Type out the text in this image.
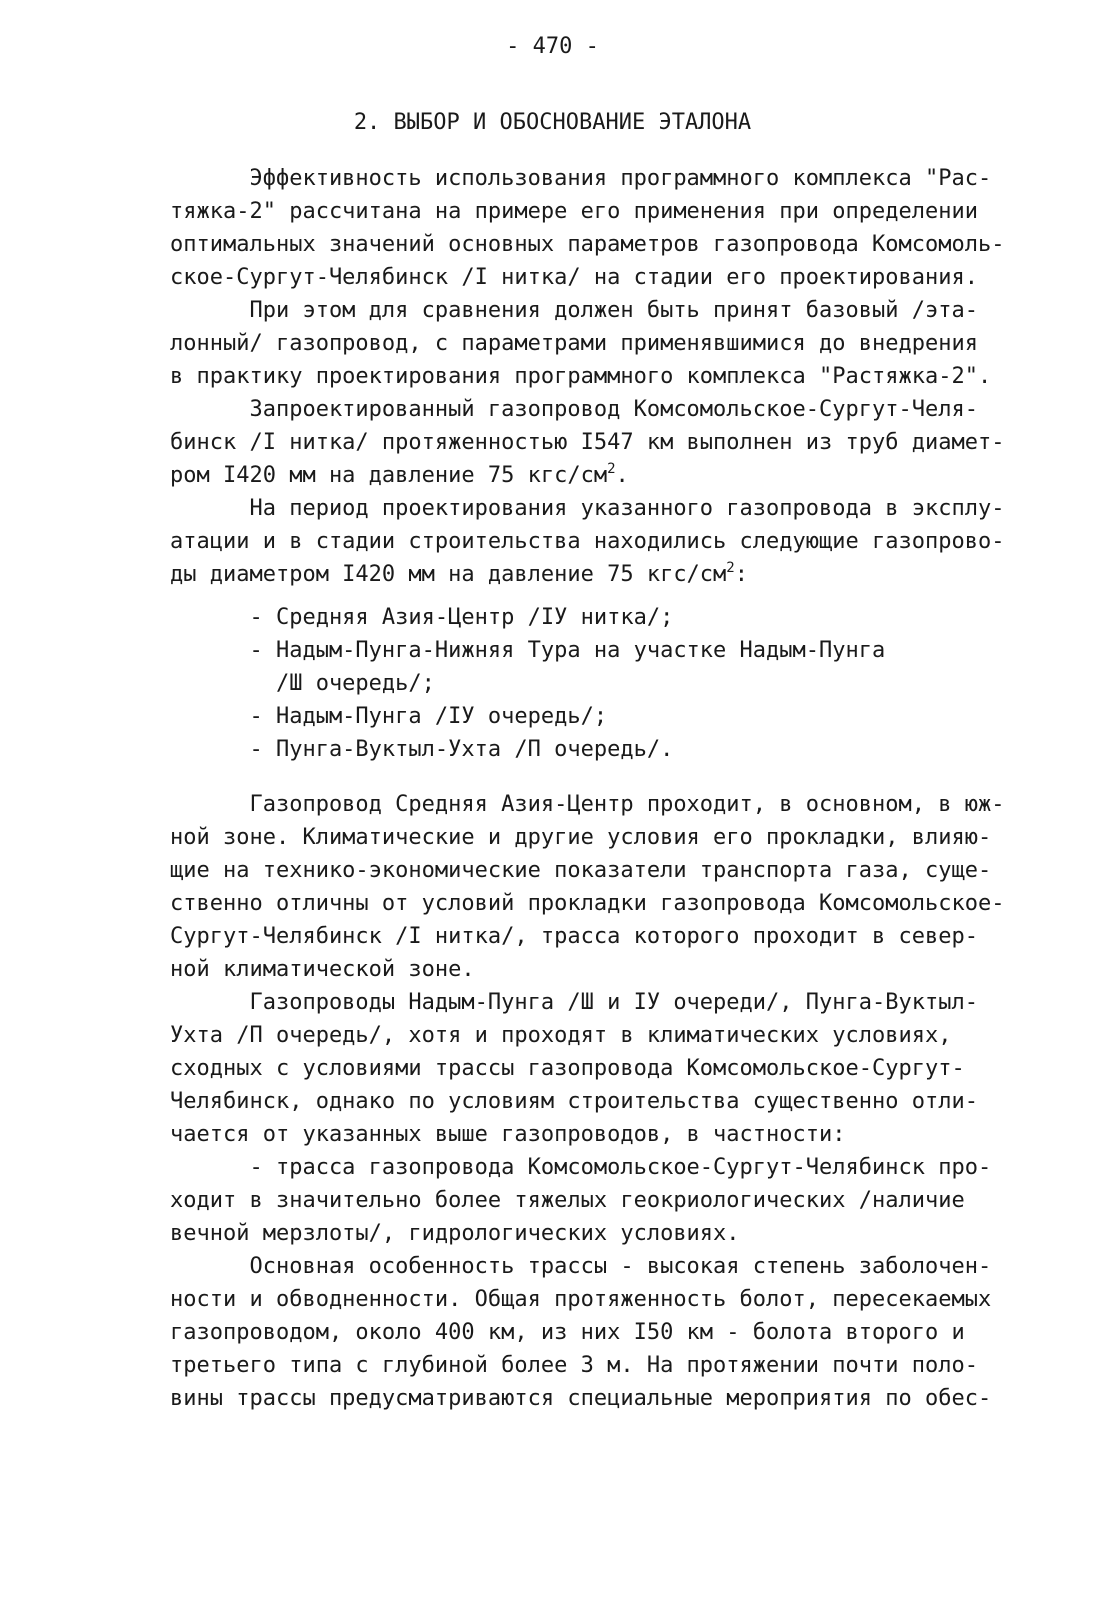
- 470 -
2. ВЫБОР И ОБОСНОВАНИЕ ЭТАЛОНА
Эффективность использования программного комплекса "Рас-
тяжка-2" рассчитана на примере его применения при определении
оптимальных значений основных параметров газопровода Комсомоль-
ское-Сургут-Челябинск /I нитка/ на стадии его проектирования.
При этом для сравнения должен быть принят базовый /эта-
лонный/ газопровод, с параметрами применявшимися до внедрения
в практику проектирования программного комплекса "Растяжка-2".
Запроектированный газопровод Комсомольское-Сургут-Челя-
бинск /I нитка/ протяженностью I547 км выполнен из труб диамет-
ром I420 мм на давление 75 кгс/$см^2$.
На период проектирования указанного газопровода в эксплу-
атации и в стадии строительства находились следующие газопрово-
ды диаметром I420 мм на давление 75 кгс/$см^2$:
- Средняя Азия-Центр /IУ нитка/;
- Надым-Пунга-Нижняя Тура на участке Надым-Пунга
/Ш очередь/;
- Надым-Пунга /IУ очередь/;
- Пунга-Вуктыл-Ухта /П очередь/.
Газопровод Средняя Азия-Центр проходит, в основном, в юж-
ной зоне. Климатические и другие условия его прокладки, влияю-
щие на технико-экономические показатели транспорта газа, суще-
ственно отличны от условий прокладки газопровода Комсомольское-
Сургут-Челябинск /I нитка/, трасса которого проходит в север-
ной климатической зоне.
Газопроводы Надым-Пунга /Ш и IУ очереди/, Пунга-Вуктыл-
Ухта /П очередь/, хотя и проходят в климатических условиях,
сходных с условиями трассы газопровода Комсомольское-Сургут-
Челябинск, однако по условиям строительства существенно отли-
чается от указанных выше газопроводов, в частности:
- трасса газопровода Комсомольское-Сургут-Челябинск про-
ходит в значительно более тяжелых геокриологических /наличие
вечной мерзлоты/, гидрологических условиях.
Основная особенность трассы - высокая степень заболочен-
ности и обводненности. Общая протяженность болот, пересекаемых
газопроводом, около 400 км, из них I50 км - болота второго и
третьего типа с глубиной более 3 м. На протяжении почти поло-
вины трассы предусматриваются специальные мероприятия по обес-
